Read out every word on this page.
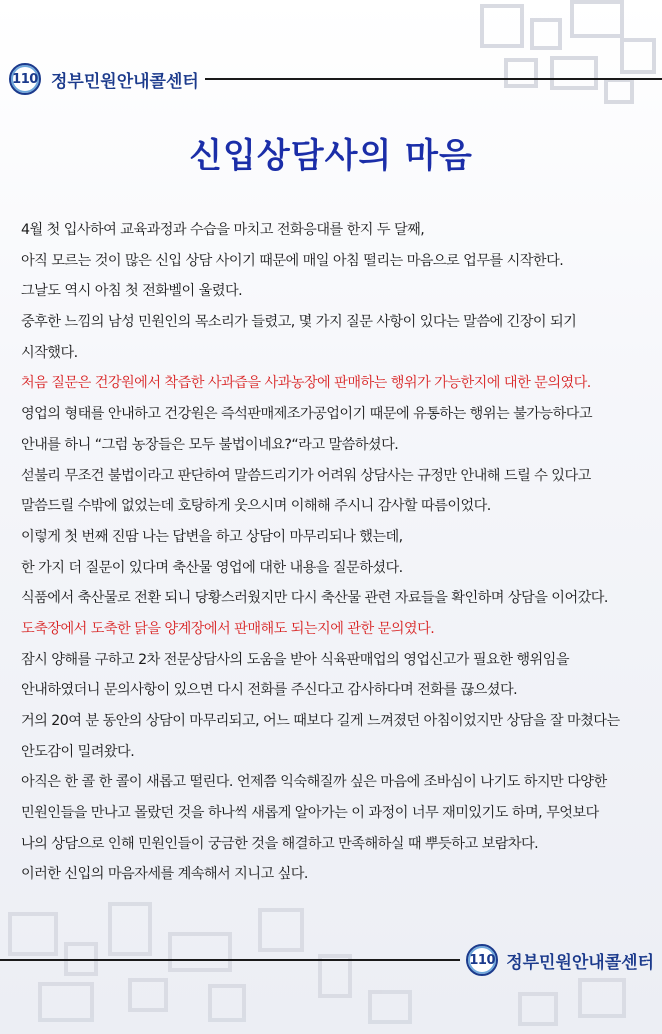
110 정부민원안내콜센터
신입상담사의 마음
4월 첫 입사하여 교육과정과 수습을 마치고 전화응대를 한지 두 달째,
아직 모르는 것이 많은 신입 상담 사이기 때문에 매일 아침 떨리는 마음으로 업무를 시작한다.
그날도 역시 아침 첫 전화벨이 울렸다.
중후한 느낌의 남성 민원인의 목소리가 들렸고, 몇 가지 질문 사항이 있다는 말씀에 긴장이 되기
시작했다.
처음 질문은 건강원에서 착즙한 사과즙을 사과농장에 판매하는 행위가 가능한지에 대한 문의였다.
영업의 형태를 안내하고 건강원은 즉석판매제조가공업이기 때문에 유통하는 행위는 불가능하다고
안내를 하니 “그럼 농장들은 모두 불법이네요?“라고 말씀하셨다.
섣불리 무조건 불법이라고 판단하여 말씀드리기가 어려워 상담사는 규정만 안내해 드릴 수 있다고
말씀드릴 수밖에 없었는데 호탕하게 웃으시며 이해해 주시니 감사할 따름이었다.
이렇게 첫 번째 진땀 나는 답변을 하고 상담이 마무리되나 했는데,
한 가지 더 질문이 있다며 축산물 영업에 대한 내용을 질문하셨다.
식품에서 축산물로 전환 되니 당황스러웠지만 다시 축산물 관련 자료들을 확인하며 상담을 이어갔다.
도축장에서 도축한 닭을 양계장에서 판매해도 되는지에 관한 문의였다.
잠시 양해를 구하고 2차 전문상담사의 도움을 받아 식육판매업의 영업신고가 필요한 행위임을
안내하였더니 문의사항이 있으면 다시 전화를 주신다고 감사하다며 전화를 끊으셨다.
거의 20여 분 동안의 상담이 마무리되고, 어느 때보다 길게 느껴졌던 아침이었지만 상담을 잘 마쳤다는
안도감이 밀려왔다.
아직은 한 콜 한 콜이 새롭고 떨린다. 언제쯤 익숙해질까 싶은 마음에 조바심이 나기도 하지만 다양한
민원인들을 만나고 몰랐던 것을 하나씩 새롭게 알아가는 이 과정이 너무 재미있기도 하며, 무엇보다
나의 상담으로 인해 민원인들이 궁금한 것을 해결하고 만족해하실 때 뿌듯하고 보람차다.
이러한 신입의 마음자세를 계속해서 지니고 싶다.
110 정부민원안내콜센터
